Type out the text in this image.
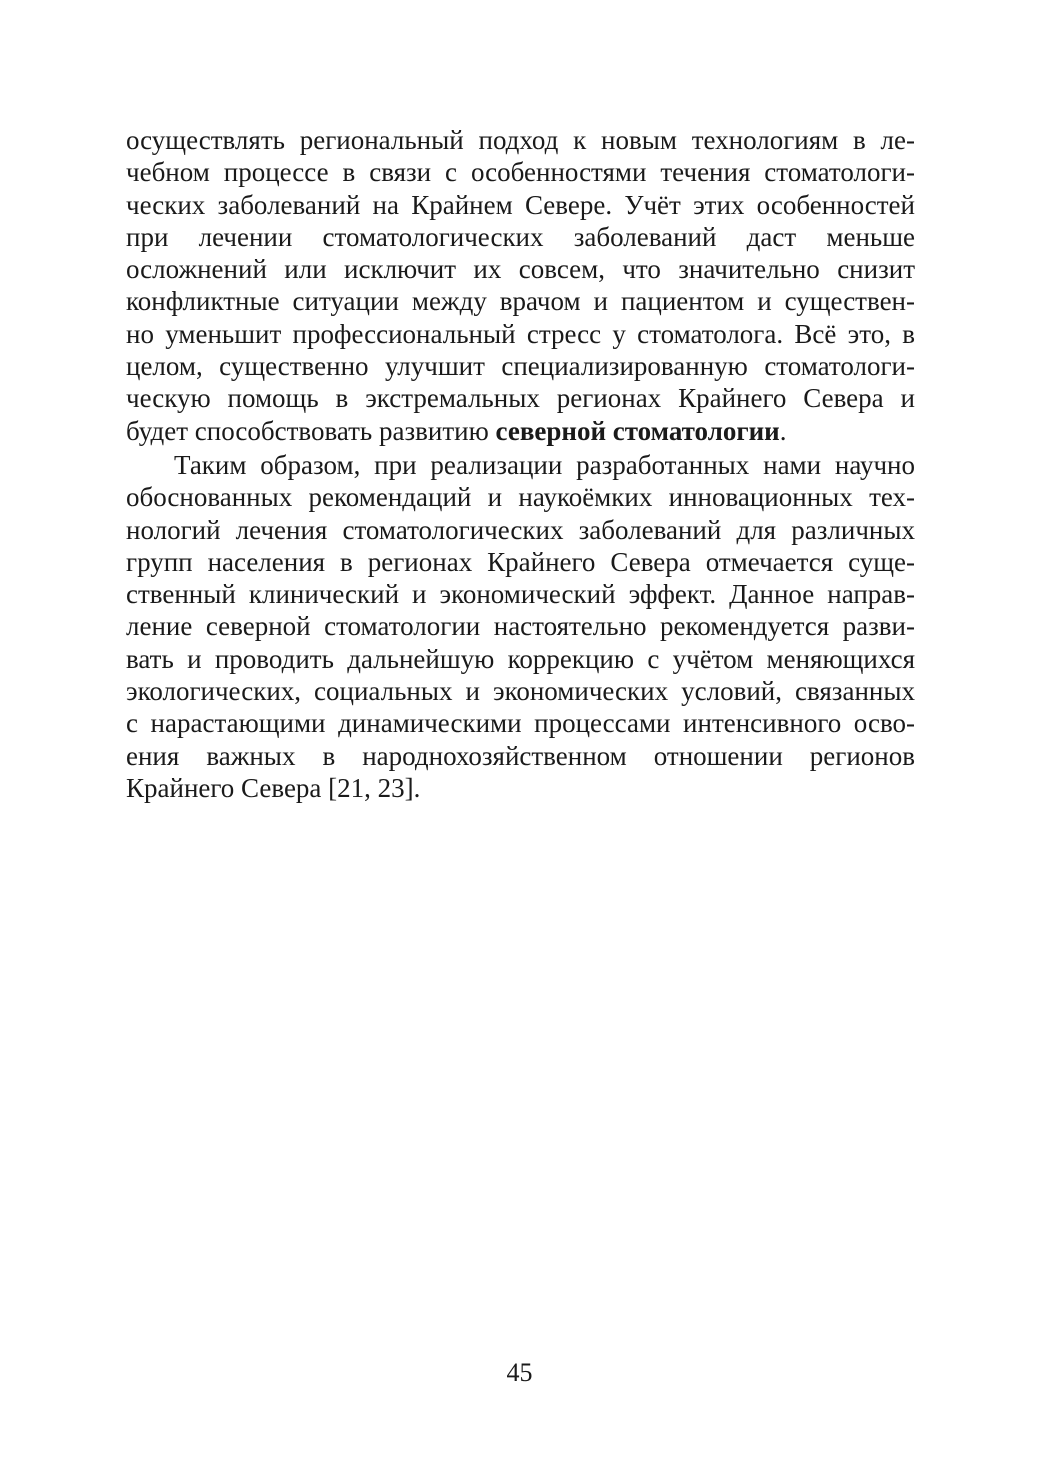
осуществлять региональный подход к новым технологиям в ле-
чебном процессе в связи с особенностями течения стоматологи-
ческих заболеваний на Крайнем Севере. Учёт этих особенностей
при лечении стоматологических заболеваний даст меньше
осложнений или исключит их совсем, что значительно снизит
конфликтные ситуации между врачом и пациентом и существен-
но уменьшит профессиональный стресс у стоматолога. Всё это, в
целом, существенно улучшит специализированную стоматологи-
ческую помощь в экстремальных регионах Крайнего Севера и
будет способствовать развитию северной стоматологии.
Таким образом, при реализации разработанных нами научно
обоснованных рекомендаций и наукоёмких инновационных тех-
нологий лечения стоматологических заболеваний для различных
групп населения в регионах Крайнего Севера отмечается суще-
ственный клинический и экономический эффект. Данное направ-
ление северной стоматологии настоятельно рекомендуется разви-
вать и проводить дальнейшую коррекцию с учётом меняющихся
экологических, социальных и экономических условий, связанных
с нарастающими динамическими процессами интенсивного осво-
ения важных в народнохозяйственном отношении регионов
Крайнего Севера [21, 23].
45
